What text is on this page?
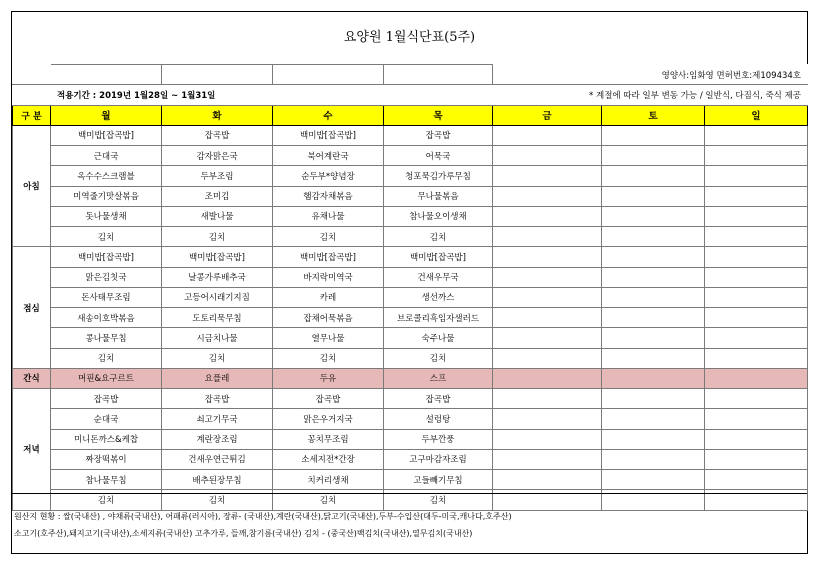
요양원 1월식단표(5주)
					영양사:임화영 면허번호:제109434호		
	적용기간 : 2019년 1월28일 ~ 1월31일			* 계절에 따라 일부 변동 가능 / 일반식, 다짐식, 죽식 제공			
구 분	월	화	수	목	금	토	일
아침	백미밥[잡곡밥]	잡곡밥	백미밥[잡곡밥]	잡곡밥			
	근대국	감자맑은국	북어계란국	어묵국			
	옥수수스크램블	두부조림	순두부*양념장	청포묵김가루무침			
	미역줄기맛살볶음	조미김	햄감자채볶음	무나물볶음			
	돗나물생채	새발나물	유채나물	참나물오이생채			
	김치	김치	김치	김치			
점심	백미밥[잡곡밥]	백미밥[잡곡밥]	백미밥[잡곡밥]	백미밥[잡곡밥]			
	맑은김칫국	날콩가루배추국	바지락미역국	건새우무국			
	돈사태무조림	고등어시래기지짐	카레	생선까스			
	새송이호박볶음	도토리묵무침	잡채어묵볶음	브로콜리흑임자샐러드			
	콩나물무침	시금치나물	열무나물	숙주나물			
	김치	김치	김치	김치			
간식	머핀&요구르트	요플레	두유	스프			
저녁	잡곡밥	잡곡밥	잡곡밥	잡곡밥			
	순대국	쇠고기무국	맑은우거지국	설렁탕			
	미니돈까스&케찹	계란장조림	꽁치무조림	두부깐풍			
	짜장떡볶이	건새우연근튀김	소세지전*간장	고구마감자조림			
	참나물무침	배추된장무침	치커리생채	고들빼기무침			
	김치	김치	김치	김치			
원산지 현황 : 쌀(국내산) , 야채류(국내산), 어패류(러시아), 장류- (국내산),계란(국내산),닭고기(국내산),두부-수입산(대두-미국,캐나다,호주산)
소고기(호주산),돼지고기(국내산),소세지류(국내산) 고추가루, 들깨,참기름(국내산) 김치 - (중국산)백김치(국내산),열무김치(국내산)
